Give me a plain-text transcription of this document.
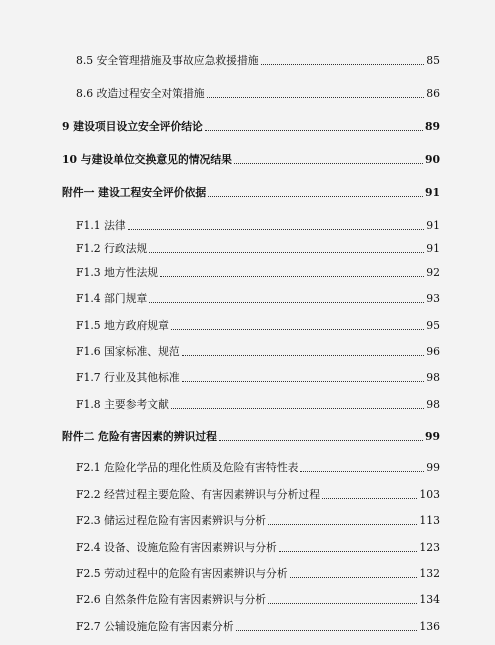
8.5 安全管理措施及事故应急救援措施	85
8.6 改造过程安全对策措施	86
9 建设项目设立安全评价结论	89
10 与建设单位交换意见的情况结果	90
附件一 建设工程安全评价依据	91
F1.1 法律	91
F1.2 行政法规	91
F1.3 地方性法规	92
F1.4 部门规章	93
F1.5 地方政府规章	95
F1.6 国家标准、规范	96
F1.7 行业及其他标准	98
F1.8 主要参考文献	98
附件二 危险有害因素的辨识过程	99
F2.1 危险化学品的理化性质及危险有害特性表	99
F2.2 经营过程主要危险、有害因素辨识与分析过程	103
F2.3 储运过程危险有害因素辨识与分析	113
F2.4 设备、设施危险有害因素辨识与分析	123
F2.5 劳动过程中的危险有害因素辨识与分析	132
F2.6 自然条件危险有害因素辨识与分析	134
F2.7 公辅设施危险有害因素分析	136
